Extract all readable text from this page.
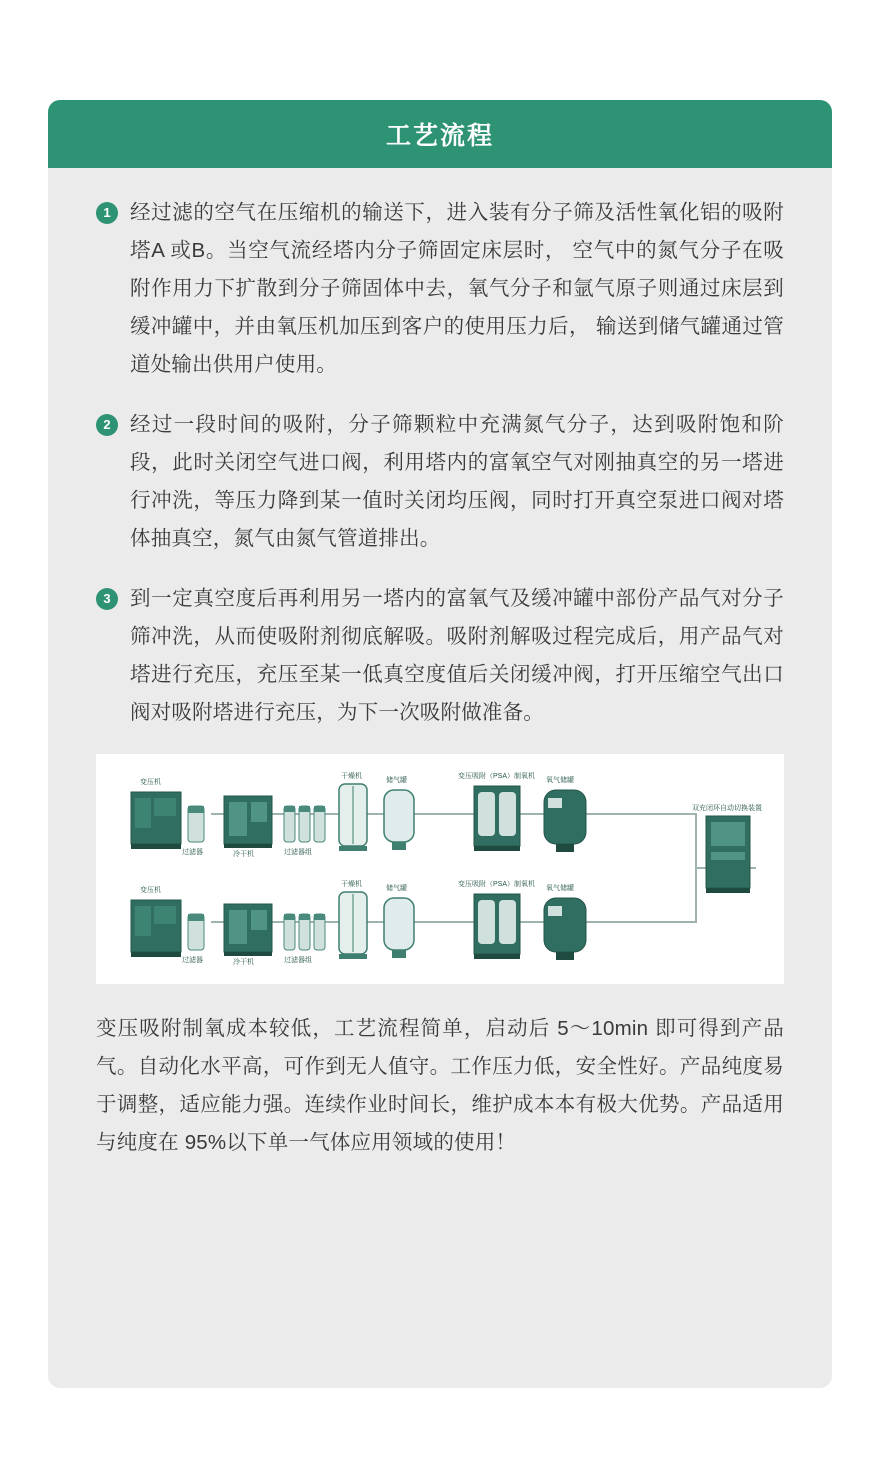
工艺流程
1 经过滤的空气在压缩机的输送下，进入装有分子筛及活性氧化铝的吸附塔A 或B。当空气流经塔内分子筛固定床层时， 空气中的氮气分子在吸附作用力下扩散到分子筛固体中去，氧气分子和氩气原子则通过床层到缓冲罐中，并由氧压机加压到客户的使用压力后， 输送到储气罐通过管道处输出供用户使用。
2 经过一段时间的吸附，分子筛颗粒中充满氮气分子，达到吸附饱和阶段，此时关闭空气进口阀，利用塔内的富氧空气对刚抽真空的另一塔进行冲洗，等压力降到某一值时关闭均压阀，同时打开真空泵进口阀对塔体抽真空，氮气由氮气管道排出。
3 到一定真空度后再利用另一塔内的富氧气及缓冲罐中部份产品气对分子筛冲洗，从而使吸附剂彻底解吸。吸附剂解吸过程完成后，用产品气对塔进行充压，充压至某一低真空度值后关闭缓冲阀，打开压缩空气出口阀对吸附塔进行充压，为下一次吸附做准备。
变压机
过滤器	冷干机	过滤器组
干燥机
储气罐
变压吸附（PSA）制氧机
氧气储罐
变压机
过滤器	冷干机	过滤器组
干燥机
储气罐
变压吸附（PSA）制氧机
氧气储罐
双充闭环自动切换装置
变压吸附制氧成本较低，工艺流程简单，启动后 5～10min 即可得到产品气。自动化水平高，可作到无人值守。工作压力低，安全性好。产品纯度易于调整，适应能力强。连续作业时间长，维护成本本有极大优势。产品适用与纯度在 95%以下单一气体应用领域的使用！
